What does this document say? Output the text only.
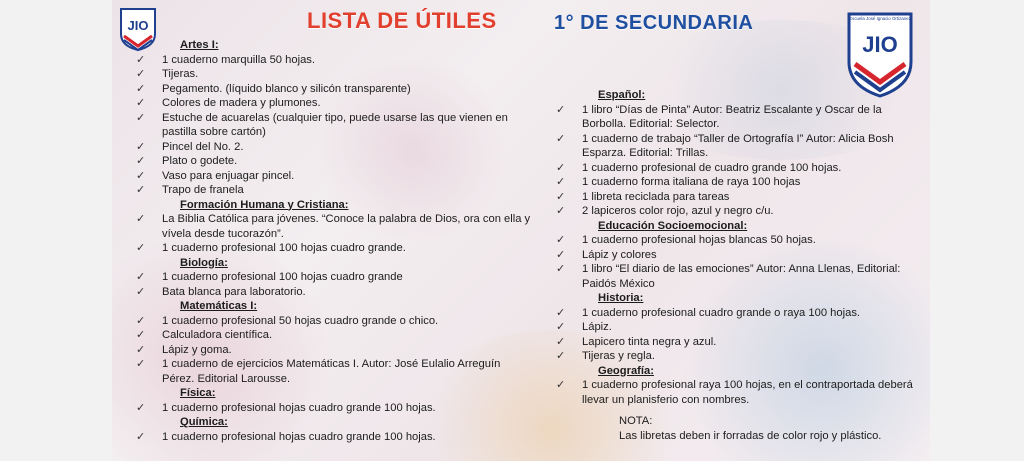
JIO	LISTA DE ÚTILES	1° DE SECUNDARIA	Escuela José Ignacio Ortizanez
JIO
Artes I:
✓ 1 cuaderno marquilla 50 hojas.
✓ Tijeras.
✓ Pegamento. (líquido blanco y silicón transparente)
✓ Colores de madera y plumones.
✓ Estuche de acuarelas (cualquier tipo, puede usarse las que vienen en pastilla sobre cartón)
✓ Pincel del No. 2.
✓ Plato o godete.
✓ Vaso para enjuagar pincel.
✓ Trapo de franela
Formación Humana y Cristiana:
✓ La Biblia Católica para jóvenes. “Conoce la palabra de Dios, ora con ella y vívela desde tucorazón”.
✓ 1 cuaderno profesional 100 hojas cuadro grande.
Biología:
✓ 1 cuaderno profesional 100 hojas cuadro grande
✓ Bata blanca para laboratorio.
Matemáticas I:
✓ 1 cuaderno profesional 50 hojas cuadro grande o chico.
✓ Calculadora científica.
✓ Lápiz y goma.
✓ 1 cuaderno de ejercicios Matemáticas I. Autor: José Eulalio Arreguín Pérez. Editorial Larousse.
Física:
✓ 1 cuaderno profesional hojas cuadro grande 100 hojas.
Química:
✓ 1 cuaderno profesional hojas cuadro grande 100 hojas.
Español:
✓ 1 libro “Días de Pinta” Autor: Beatriz Escalante y Oscar de la Borbolla. Editorial: Selector.
✓ 1 cuaderno de trabajo “Taller de Ortografía I” Autor: Alicia Bosh Esparza. Editorial: Trillas.
✓ 1 cuaderno profesional de cuadro grande 100 hojas.
✓ 1 cuaderno forma italiana de raya 100 hojas
✓ 1 libreta reciclada para tareas
✓ 2 lapiceros color rojo, azul y negro c/u.
Educación Socioemocional:
✓ 1 cuaderno profesional hojas blancas 50 hojas.
✓ Lápiz y colores
✓ 1 libro “El diario de las emociones” Autor: Anna Llenas, Editorial: Paidós México
Historia:
✓ 1 cuaderno profesional cuadro grande o raya 100 hojas.
✓ Lápiz.
✓ Lapicero tinta negra y azul.
✓ Tijeras y regla.
Geografía:
✓ 1 cuaderno profesional raya 100 hojas, en el contraportada deberá llevar un planisferio con nombres.
NOTA:
Las libretas deben ir forradas de color rojo y plástico.
